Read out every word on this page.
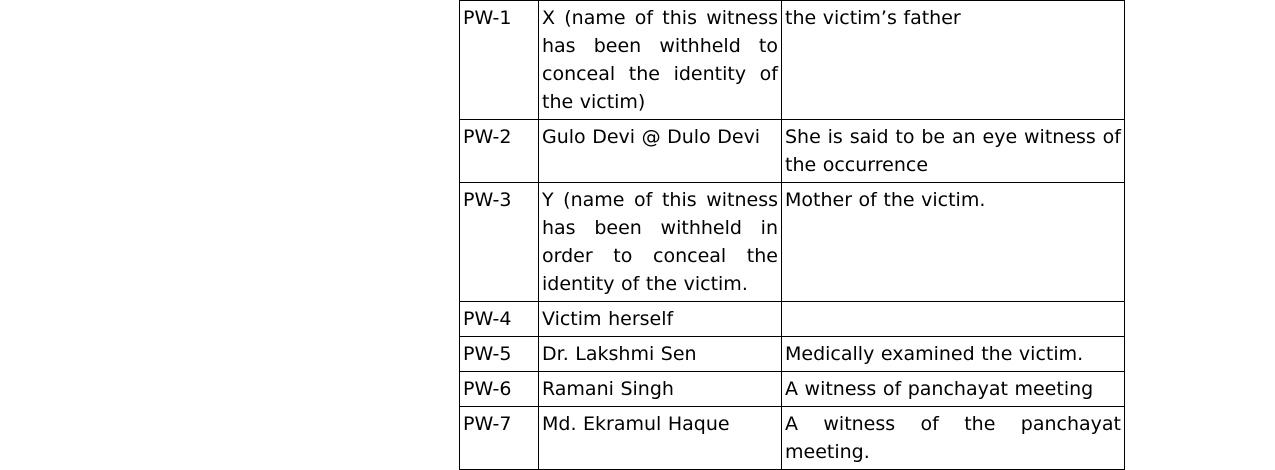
PW-1	X (name of this witness has been withheld to conceal the identity of the victim)	the victim’s father
PW-2	Gulo Devi @ Dulo Devi	She is said to be an eye witness of the occurrence
PW-3	Y (name of this witness has been withheld in order to conceal the identity of the victim.	Mother of the victim.
PW-4	Victim herself	
PW-5	Dr. Lakshmi Sen	Medically examined the victim.
PW-6	Ramani Singh	A witness of panchayat meeting
PW-7	Md. Ekramul Haque	A witness of the panchayat meeting.
